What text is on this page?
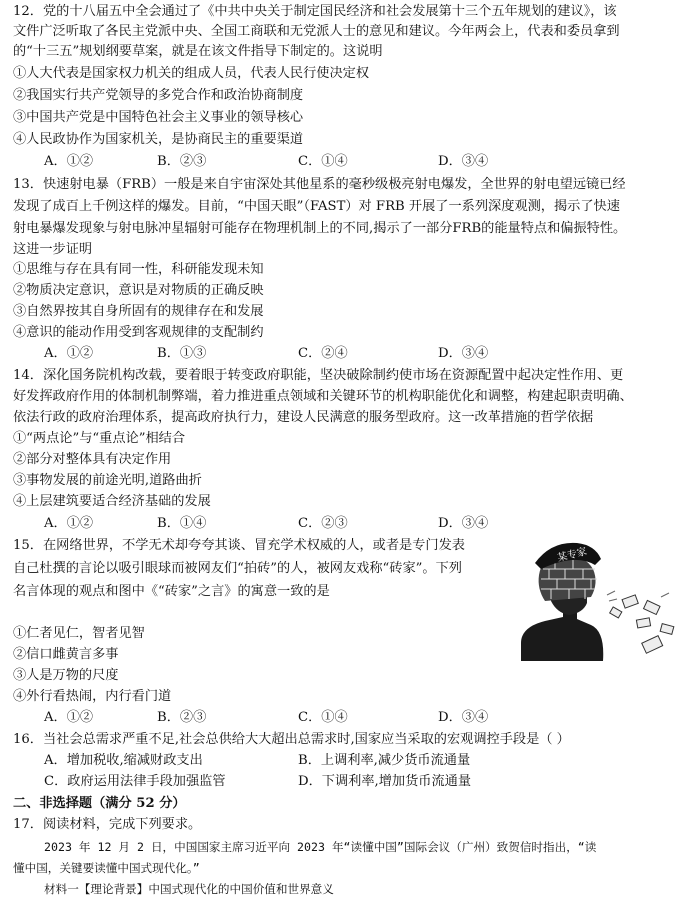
12．党的十八届五中全会通过了《中共中央关于制定国民经济和社会发展第十三个五年规划的建议》，该
文件广泛听取了各民主党派中央、全国工商联和无党派人士的意见和建议。今年两会上，代表和委员拿到
的“十三五”规划纲要草案，就是在该文件指导下制定的。这说明
①人大代表是国家权力机关的组成人员，代表人民行使决定权
②我国实行共产党领导的多党合作和政治协商制度
③中国共产党是中国特色社会主义事业的领导核心
④人民政协作为国家机关，是协商民主的重要渠道
A．①②	B．②③	C．①④	D．③④
13．快速射电暴（FRB）一般是来自宇宙深处其他星系的毫秒级极亮射电爆发，全世界的射电望远镜已经
发现了成百上千例这样的爆发。目前，“中国天眼”（FAST）对 FRB 开展了一系列深度观测，揭示了快速
射电暴爆发现象与射电脉冲星辐射可能存在物理机制上的不同,揭示了一部分FRB的能量特点和偏振特性。
这进一步证明
①思维与存在具有同一性，科研能发现未知
②物质决定意识，意识是对物质的正确反映
③自然界按其自身所固有的规律存在和发展
④意识的能动作用受到客观规律的支配制约
A．①②	B．①③	C．②④	D．③④
14．深化国务院机构改载，要着眼于转变政府职能，坚决破除制约使市场在资源配置中起决定性作用、更
好发挥政府作用的体制机制弊端，着力推进重点领域和关键环节的机构职能优化和调整，构建起职责明确、
依法行政的政府治理体系，提高政府执行力，建设人民满意的服务型政府。这一改革措施的哲学依据
①“两点论”与“重点论”相结合
②部分对整体具有决定作用
③事物发展的前途光明,道路曲折
④上层建筑要适合经济基础的发展
A．①②	B．①④	C．②③	D．③④
15．在网络世界，不学无术却夸夸其谈、冒充学术权威的人，或者是专门发表
自己杜撰的言论以吸引眼球而被网友们“拍砖”的人，被网友戏称“砖家”。下列
名言体现的观点和图中《“砖家”之言》的寓意一致的是
①仁者见仁，智者见智
②信口雌黄言多事
③人是万物的尺度
④外行看热闹，内行看门道
A．①②	B．②③	C．①④	D．③④
某专家
16．当社会总需求严重不足,社会总供给大大超出总需求时,国家应当采取的宏观调控手段是（ ）
A．增加税收,缩减财政支出	B．上调利率,减少货币流通量
C．政府运用法律手段加强监管	D．下调利率,增加货币流通量
二、非选择题（满分 52 分）
17．阅读材料，完成下列要求。
2023 年 12 月 2 日，中国国家主席习近平向 2023 年“读懂中国”国际会议（广州）致贺信时指出，“读
懂中国，关键要读懂中国式现代化。”
材料一【理论背景】中国式现代化的中国价值和世界意义
